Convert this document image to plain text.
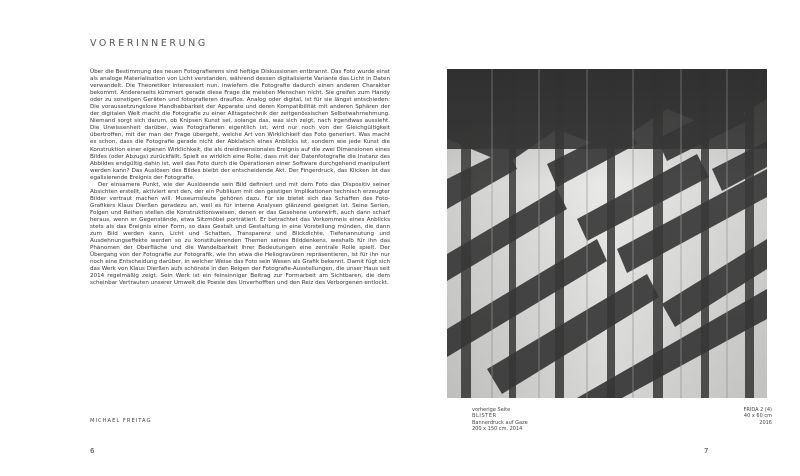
VORERINNERUNG

Über die Bestimmung des neuen Fotografierens sind heftige Diskussionen entbrannt. Das Foto wurde einst als analoge Materialisation von Licht verstanden, während dessen digitalisierte Variante das Licht in Daten verwandelt. Die Theoretiker interessiert nun, inwiefern die Fotografie dadurch einen anderen Charakter bekommt. Andererseits kümmert gerade diese Frage die meisten Menschen nicht. Sie greifen zum Handy oder zu sonstigen Geräten und fotografieren drauflos. Analog oder digital, ist für sie längst entschieden: Die voraussetzungslose Handhabbarkeit der Apparate und deren Kompatibilität mit anderen Sphären der der digitalen Welt macht die Fotografie zu einer Alltagstechnik der zeitgenössischen Selbstwahrnehmung. Niemand sorgt sich darum, ob Knipsen Kunst sei, solange das, was sich zeigt, nach irgendwas aussieht. Die Unwissenheit darüber, was Fotografieren eigentlich ist, wird nur noch von der Gleichgültigkeit übertroffen, mit der man der Frage übergeht, welche Art von Wirklichkeit das Foto generiert. Was macht es schon, dass die Fotografie gerade nicht der Abklatsch eines Anblicks ist, sondern wie jede Kunst die Konstruktion einer eigenen Wirklichkeit, die als dreidimensionales Ereignis auf die zwei Dimensionen eines Bildes (oder Abzugs) zurückfällt. Spielt es wirklich eine Rolle, dass mit der Datenfotografie die Instanz des Abbildes endgültig dahin ist, weil das Foto durch die Operationen einer Software durchgehend manipuliert werden kann? Das Auslösen des Bildes bleibt der entscheidende Akt. Der Fingerdruck, das Klicken ist das egalisierende Ereignis der Fotografie.

Der einsamere Punkt, wie der Auslösende sein Bild definiert und mit dem Foto das Dispositiv seiner Absichten erstellt, aktiviert erst den, der ein Publikum mit den geistigen Implikationen technisch erzeugter Bilder vertraut machen will. Museumsleute gehören dazu. Für sie bietet sich das Schaffen des Foto-Grafikers Klaus Dierßen geradezu an, weil es für interne Analysen glänzend geeignet ist. Seine Serien, Folgen und Reihen stellen die Konstruktionsweisen, denen er das Gesehene unterwirft, auch dann scharf heraus, wenn er Gegenstände, etwa Sitzmöbel porträtiert. Er betrachtet das Vorkommnis eines Anblicks stets als das Ereignis einer Form, so dass Gestalt und Gestaltung in eine Vorstellung münden, die dann zum Bild werden kann. Licht und Schatten, Transparenz und Blickdichte, Tiefenannutung und Ausdehnungseffekte werden so zu konstituierenden Themen seines Bilddenkens, weshalb für ihn das Phänomen der Oberfläche und die Wandelbarkeit ihrer Bedeutungen eine zentrale Rolle spielt. Der Übergang von der Fotografie zur Fotografik, wie ihn etwa die Heliogravüren repräsentieren, ist für ihn nur noch eine Entscheidung darüber, in welcher Weise das Foto sein Wesen als Grafik bekennt. Damit fügt sich das Werk von Klaus Dierßen aufs schönste in den Reigen der Fotografie-Ausstellungen, die unser Haus seit 2014 regelmäßig zeigt. Sein Werk ist ein feinsinniger Beitrag zur Formarbeit am Sichtbaren, die dem scheinbar Vertrauten unserer Umwelt die Poesie des Unverhofften und den Reiz des Verborgenen entlockt.

MICHAEL FREITAG
6
vorherige Seite
BLISTER
Bannerdruck auf Gaze
200 x 150 cm, 2014
FRIDA 2 (4)
40 x 60 cm
2016
7
